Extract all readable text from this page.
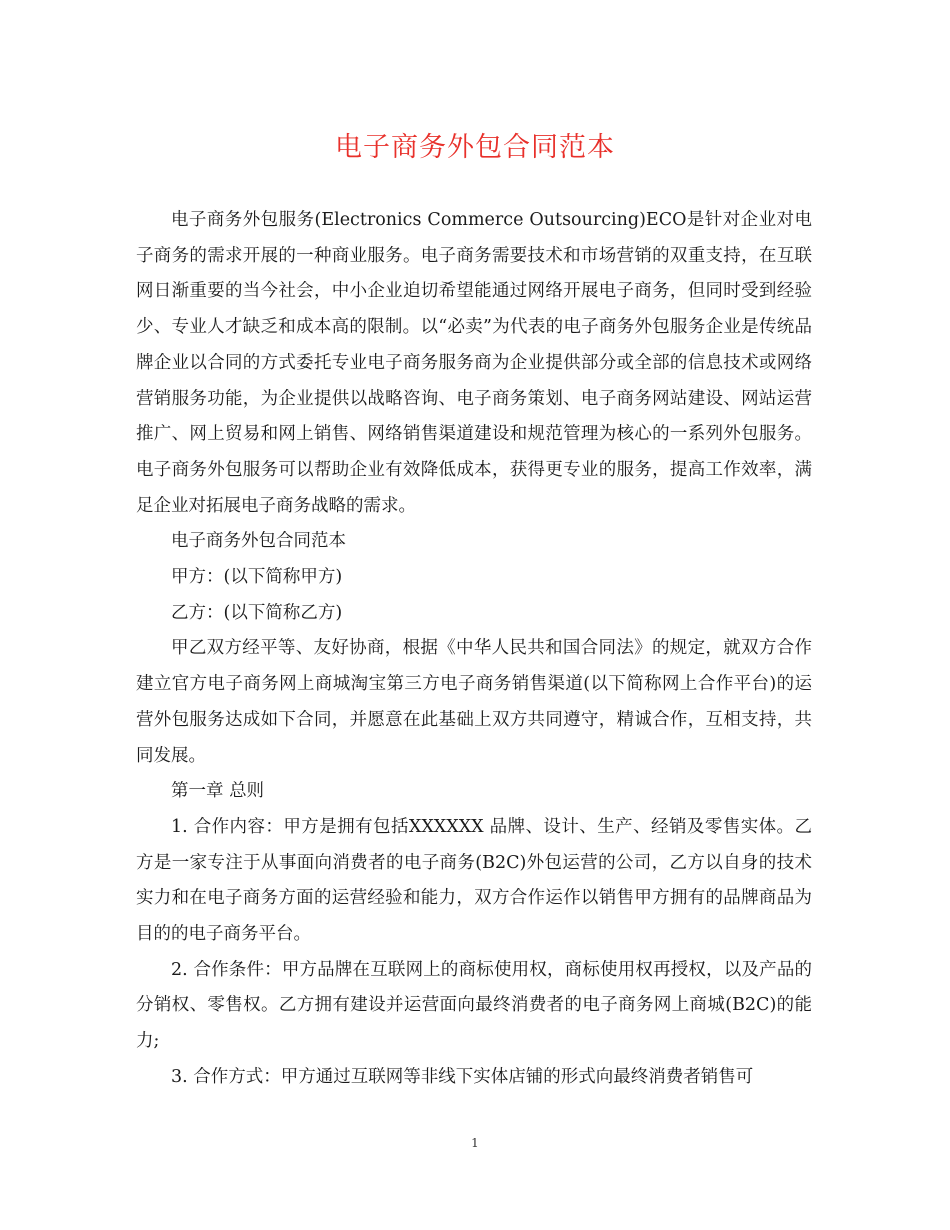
电子商务外包合同范本

电子商务外包服务(Electronics Commerce Outsourcing)ECO是针对企业对电子商务的需求开展的一种商业服务。电子商务需要技术和市场营销的双重支持，在互联网日渐重要的当今社会，中小企业迫切希望能通过网络开展电子商务，但同时受到经验少、专业人才缺乏和成本高的限制。以“必卖”为代表的电子商务外包服务企业是传统品牌企业以合同的方式委托专业电子商务服务商为企业提供部分或全部的信息技术或网络营销服务功能，为企业提供以战略咨询、电子商务策划、电子商务网站建设、网站运营推广、网上贸易和网上销售、网络销售渠道建设和规范管理为核心的一系列外包服务。电子商务外包服务可以帮助企业有效降低成本，获得更专业的服务，提高工作效率，满足企业对拓展电子商务战略的需求。

电子商务外包合同范本

甲方：(以下简称甲方)

乙方：(以下简称乙方)

甲乙双方经平等、友好协商，根据《中华人民共和国合同法》的规定，就双方合作建立官方电子商务网上商城淘宝第三方电子商务销售渠道(以下简称网上合作平台)的运营外包服务达成如下合同，并愿意在此基础上双方共同遵守，精诚合作，互相支持，共同发展。

第一章 总则

1. 合作内容：甲方是拥有包括XXXXXX 品牌、设计、生产、经销及零售实体。乙方是一家专注于从事面向消费者的电子商务(B2C)外包运营的公司，乙方以自身的技术实力和在电子商务方面的运营经验和能力，双方合作运作以销售甲方拥有的品牌商品为目的的电子商务平台。

2. 合作条件：甲方品牌在互联网上的商标使用权，商标使用权再授权，以及产品的分销权、零售权。乙方拥有建设并运营面向最终消费者的电子商务网上商城(B2C)的能力;

3. 合作方式：甲方通过互联网等非线下实体店铺的形式向最终消费者销售可

1
